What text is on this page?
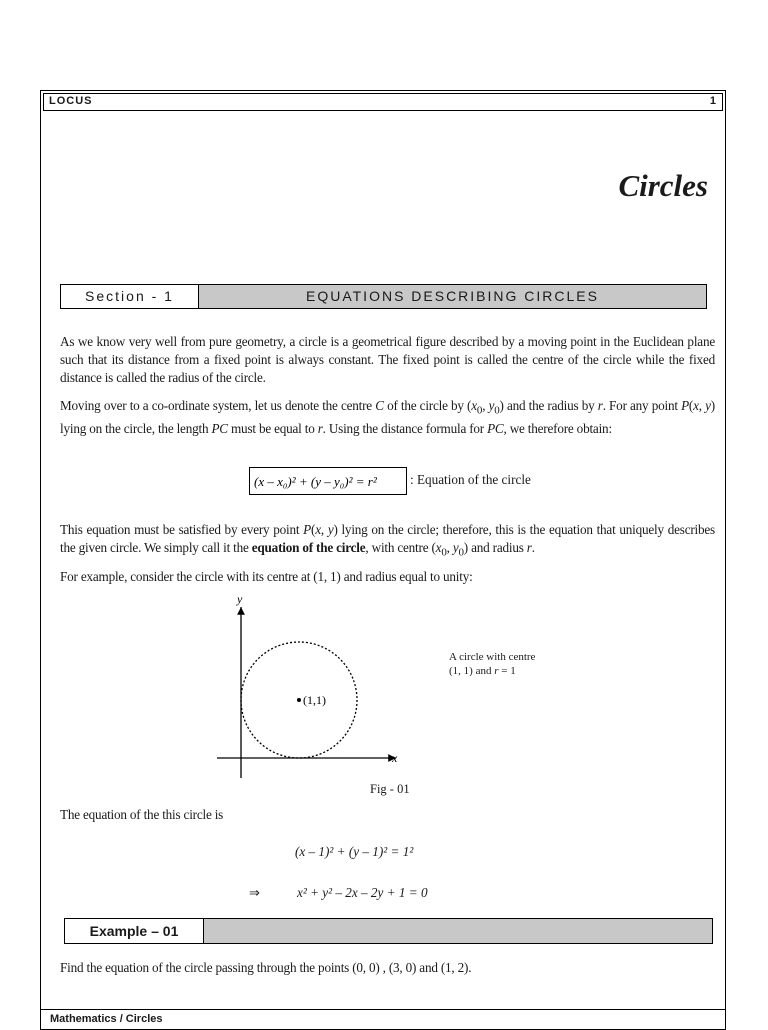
LOCUS	1
Circles
Section - 1	EQUATIONS DESCRIBING CIRCLES
As we know very well from pure geometry, a circle is a geometrical figure described by a moving point in the Euclidean plane such that its distance from a fixed point is always constant. The fixed point is called the centre of the circle while the fixed distance is called the radius of the circle.
Moving over to a co-ordinate system, let us denote the centre C of the circle by ($x_0$, $y_0$) and the radius by r. For any point P(x, y) lying on the circle, the length PC must be equal to r. Using the distance formula for PC, we therefore obtain:
(x – x₀)² + (y – y₀)² = r²	: Equation of the circle
This equation must be satisfied by every point P(x, y) lying on the circle; therefore, this is the equation that uniquely describes the given circle. We simply call it the equation of the circle, with centre ($x_0$, $y_0$) and radius r.
For example, consider the circle with its centre at (1, 1) and radius equal to unity:
y
x
(1,1)
A circle with centre
(1, 1) and r = 1
Fig - 01
The equation of the this circle is
(x – 1)² + (y – 1)² = 1²
⇒	x² + y² – 2x – 2y + 1 = 0
Example – 01
Find the equation of the circle passing through the points (0, 0) , (3, 0) and (1, 2).
Mathematics / Circles
